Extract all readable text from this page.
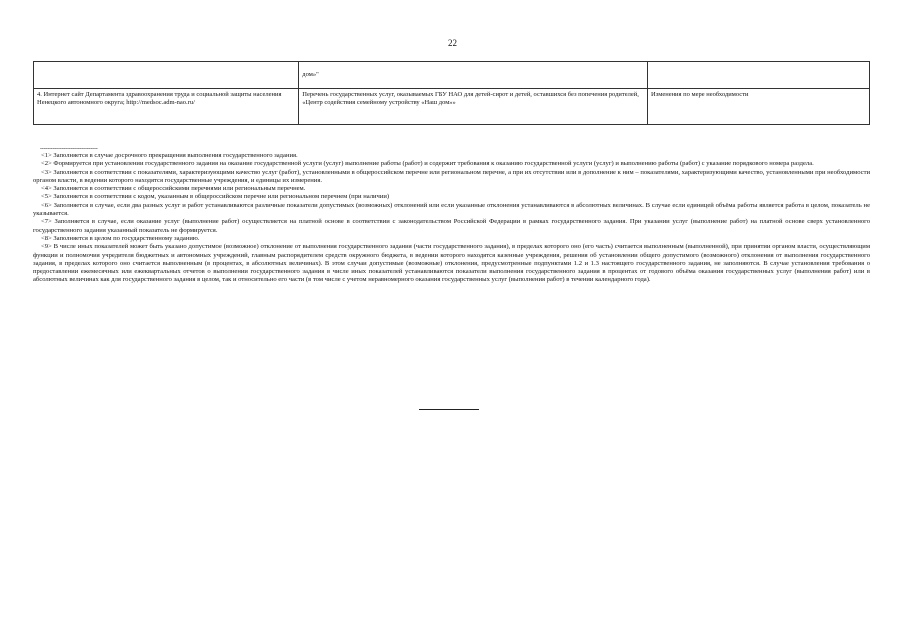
22
	дом»"	
4. Интернет сайт Департамента здравоохранения труда и социальной защиты населения Ненецкого автономного округа; http://medsoc.adm-nao.ru/	Перечень государственных услуг, оказываемых ГБУ НАО для детей-сирот и детей, оставшихся без попечения родителей, «Центр содействия семейному устройству «Наш дом»»	Изменения по мере необходимости
--------------------------------

<1> Заполняется в случае досрочного прекращения выполнения государственного задания.

<2> Формируется при установлении государственного задания на оказание государственной услуги (услуг) выполнение работы (работ) и содержит требования к оказанию государственной услуги (услуг) и выполнению работы (работ) с указание порядкового номера раздела.

<3> Заполняется в соответствии с показателями, характеризующими качество услуг (работ), установленными в общероссийском перечне или региональном перечне, а при их отсутствии или в дополнение к ним – показателями, характеризующими качество, установленными при необходимости органом власти, в ведении которого находятся государственные учреждения, и единицы их измерения.

<4> Заполняется в соответствии с общероссийскими перечнями или региональным перечнем.

<5> Заполняется в соответствии с кодом, указанным в общероссийском перечне или региональном перечнем (при наличии)

<6> Заполняется в случае, если два разных услуг и работ устанавливаются различные показатели допустимых (возможных) отклонений или если указанные отклонения устанавливаются в абсолютных величинах. В случае если единицей объёма работы является работа в целом, показатель не указывается.

<7> Заполняется в случае, если оказание услуг (выполнение работ) осуществляется на платной основе в соответствии с законодательством Российской Федерации в рамках государственного задания. При указании услуг (выполнение работ) на платной основе сверх установленного государственного задания указанный показатель не формируется.

<8> Заполняется в целом по государственному заданию.

<9> В числе иных показателей может быть указано допустимое (возможное) отклонение от выполнения государственного задания (части государственного задания), в пределах которого оно (его часть) считается выполненным (выполненной), при принятии органом власти, осуществляющим функции и полномочия учредителя бюджетных и автономных учреждений, главным распорядителем средств окружного бюджета, в ведении которого находятся казенные учреждения, решения об установлении общего допустимого (возможного) отклонения от выполнения государственного задания, в пределах которого оно считается выполненным (в процентах, в абсолютных величинах). В этом случаи допустимые (возможные) отклонения, предусмотренные подпунктами 1.2 и 1.3 настоящего государственного задания, не заполняются. В случае установления требования о предоставлении ежемесячных или ежеквартальных отчетов о выполнении государственного задания в числе иных показателей устанавливаются показатели выполнения государственного задания в процентах от годового объёма оказания государственных услуг (выполнения работ) или в абсолютных величинах как для государственного задания в целом, так и относительно его части (в том числе с учетом неравномерного оказания государственных услуг (выполнения работ) в течении календарного года).
